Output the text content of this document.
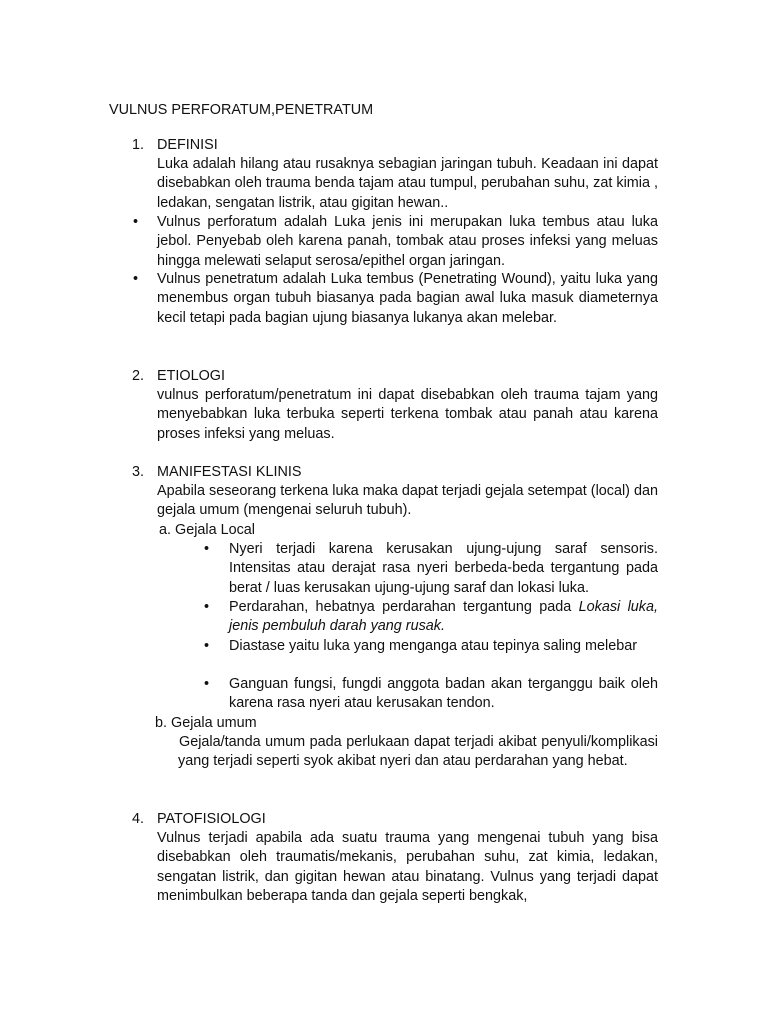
VULNUS PERFORATUM,PENETRATUM
1. DEFINISI

Luka adalah hilang atau rusaknya sebagian jaringan tubuh. Keadaan ini dapat disebabkan oleh trauma benda tajam atau tumpul, perubahan suhu, zat kimia , ledakan, sengatan listrik, atau gigitan hewan..

• Vulnus perforatum adalah Luka jenis ini merupakan luka tembus atau luka jebol. Penyebab oleh karena panah, tombak atau proses infeksi yang meluas hingga melewati selaput serosa/epithel organ jaringan.

• Vulnus penetratum adalah Luka tembus (Penetrating Wound), yaitu luka yang menembus organ tubuh biasanya pada bagian awal luka masuk diameternya kecil tetapi pada bagian ujung biasanya lukanya akan melebar.

2. ETIOLOGI

vulnus perforatum/penetratum ini dapat disebabkan oleh trauma tajam yang menyebabkan luka terbuka seperti terkena tombak atau panah atau karena proses infeksi yang meluas.

3. MANIFESTASI KLINIS

Apabila seseorang terkena luka maka dapat terjadi gejala setempat (local) dan gejala umum (mengenai seluruh tubuh).

a. Gejala Local
• Nyeri terjadi karena kerusakan ujung-ujung saraf sensoris. Intensitas atau derajat rasa nyeri berbeda-beda tergantung pada berat / luas kerusakan ujung-ujung saraf dan lokasi luka.

• Perdarahan, hebatnya perdarahan tergantung pada Lokasi luka, jenis pembuluh darah yang rusak.

• Diastase yaitu luka yang menganga atau tepinya saling melebar

• Ganguan fungsi, fungdi anggota badan akan terganggu baik oleh karena rasa nyeri atau kerusakan tendon.

b. Gejala umum

Gejala/tanda umum pada perlukaan dapat terjadi akibat penyuli/komplikasi yang terjadi seperti syok akibat nyeri dan atau perdarahan yang hebat.

4. PATOFISIOLOGI

Vulnus terjadi apabila ada suatu trauma yang mengenai tubuh yang bisa disebabkan oleh traumatis/mekanis, perubahan suhu, zat kimia, ledakan, sengatan listrik, dan gigitan hewan atau binatang. Vulnus yang terjadi dapat menimbulkan beberapa tanda dan gejala seperti bengkak,
